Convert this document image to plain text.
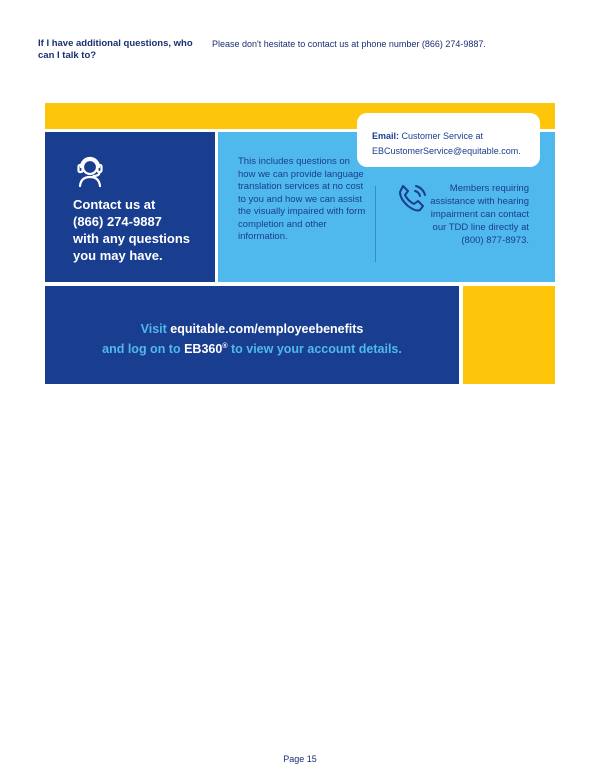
If I have additional questions, who can I talk to?
Please don't hesitate to contact us at phone number (866) 274-9887.
Contact us at
(866) 274-9887
with any questions
you may have.
Email: Customer Service at
EBCustomerService@equitable.com.
This includes questions on how we can provide language translation services at no cost to you and how we can assist the visually impaired with form completion and other information.
Members requiring assistance with hearing impairment can contact our TDD line directly at (800) 877-8973.
Visit equitable.com/employeebenefits
and log on to EB360® to view your account details.
Page 15
